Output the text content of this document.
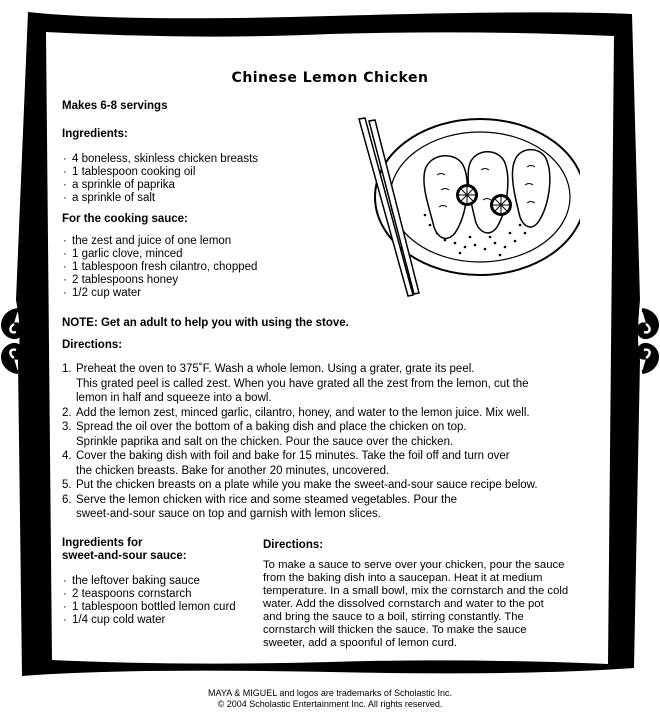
Chinese Lemon Chicken
Makes 6-8 servings
Ingredients:
· 4 boneless, skinless chicken breasts
· 1 tablespoon cooking oil
· a sprinkle of paprika
· a sprinkle of salt
For the cooking sauce:
· the zest and juice of one lemon
· 1 garlic clove, minced
· 1 tablespoon fresh cilantro, chopped
· 2 tablespoons honey
· 1/2 cup water
NOTE: Get an adult to help you with using the stove.
Directions:
1. Preheat the oven to 375˚F. Wash a whole lemon. Using a grater, grate its peel.
This grated peel is called zest. When you have grated all the zest from the lemon, cut the
lemon in half and squeeze into a bowl.
2. Add the lemon zest, minced garlic, cilantro, honey, and water to the lemon juice. Mix well.
3. Spread the oil over the bottom of a baking dish and place the chicken on top.
Sprinkle paprika and salt on the chicken. Pour the sauce over the chicken.
4. Cover the baking dish with foil and bake for 15 minutes. Take the foil off and turn over
the chicken breasts. Bake for another 20 minutes, uncovered.
5. Put the chicken breasts on a plate while you make the sweet-and-sour sauce recipe below.
6. Serve the lemon chicken with rice and some steamed vegetables. Pour the
sweet-and-sour sauce on top and garnish with lemon slices.
Ingredients for
sweet-and-sour sauce:
· the leftover baking sauce
· 2 teaspoons cornstarch
· 1 tablespoon bottled lemon curd
· 1/4 cup cold water
Directions:
To make a sauce to serve over your chicken, pour the sauce
from the baking dish into a saucepan. Heat it at medium
temperature. In a small bowl, mix the cornstarch and the cold
water. Add the dissolved cornstarch and water to the pot
and bring the sauce to a boil, stirring constantly. The
cornstarch will thicken the sauce. To make the sauce
sweeter, add a spoonful of lemon curd.
MAYA & MIGUEL and logos are trademarks of Scholastic Inc.
© 2004 Scholastic Entertainment Inc. All rights reserved.
